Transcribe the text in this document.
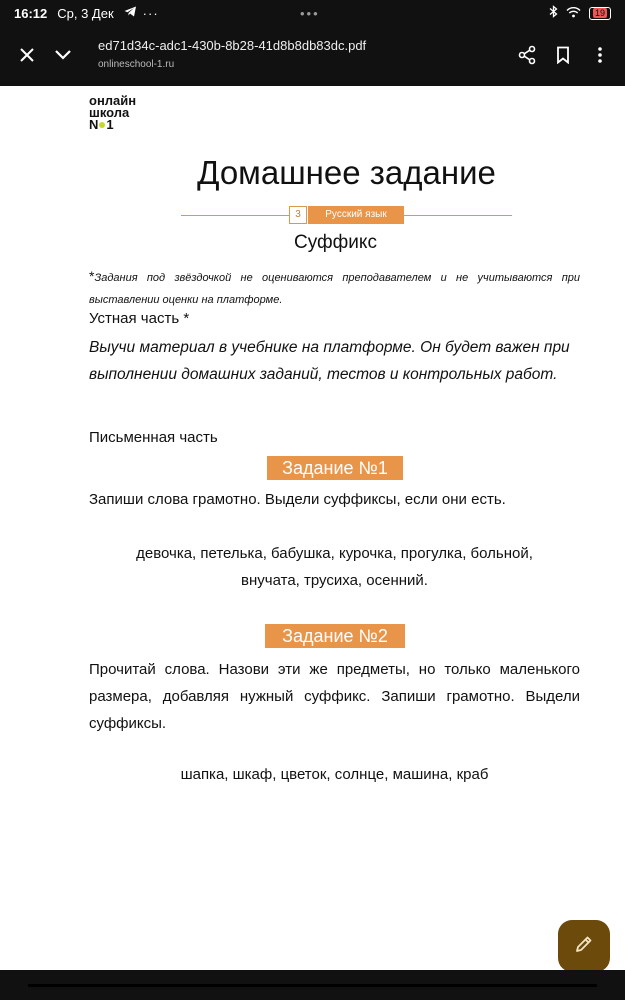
16:12 Ср, 3 Дек ···	•••	19
ed71d34c-adc1-430b-8b28-41d8b8db83dc.pdf
onlineschool-1.ru
онлайн
школа
N 1
Домашнее задание
3	Русский язык
Суффикс
*Задания под звёздочкой не оцениваются преподавателем и не учитываются при выставлении оценки на платформе.
Устная часть *
Выучи материал в учебнике на платформе. Он будет важен при выполнении домашних заданий, тестов и контрольных работ.
Письменная часть
Задание №1
Запиши слова грамотно. Выдели суффиксы, если они есть.
девочка, петелька, бабушка, курочка, прогулка, больной,
внучата, трусиха, осенний.
Задание №2
Прочитай слова. Назови эти же предметы, но только маленького размера, добавляя нужный суффикс. Запиши грамотно. Выдели суффиксы.
шапка, шкаф, цветок, солнце, машина, краб
